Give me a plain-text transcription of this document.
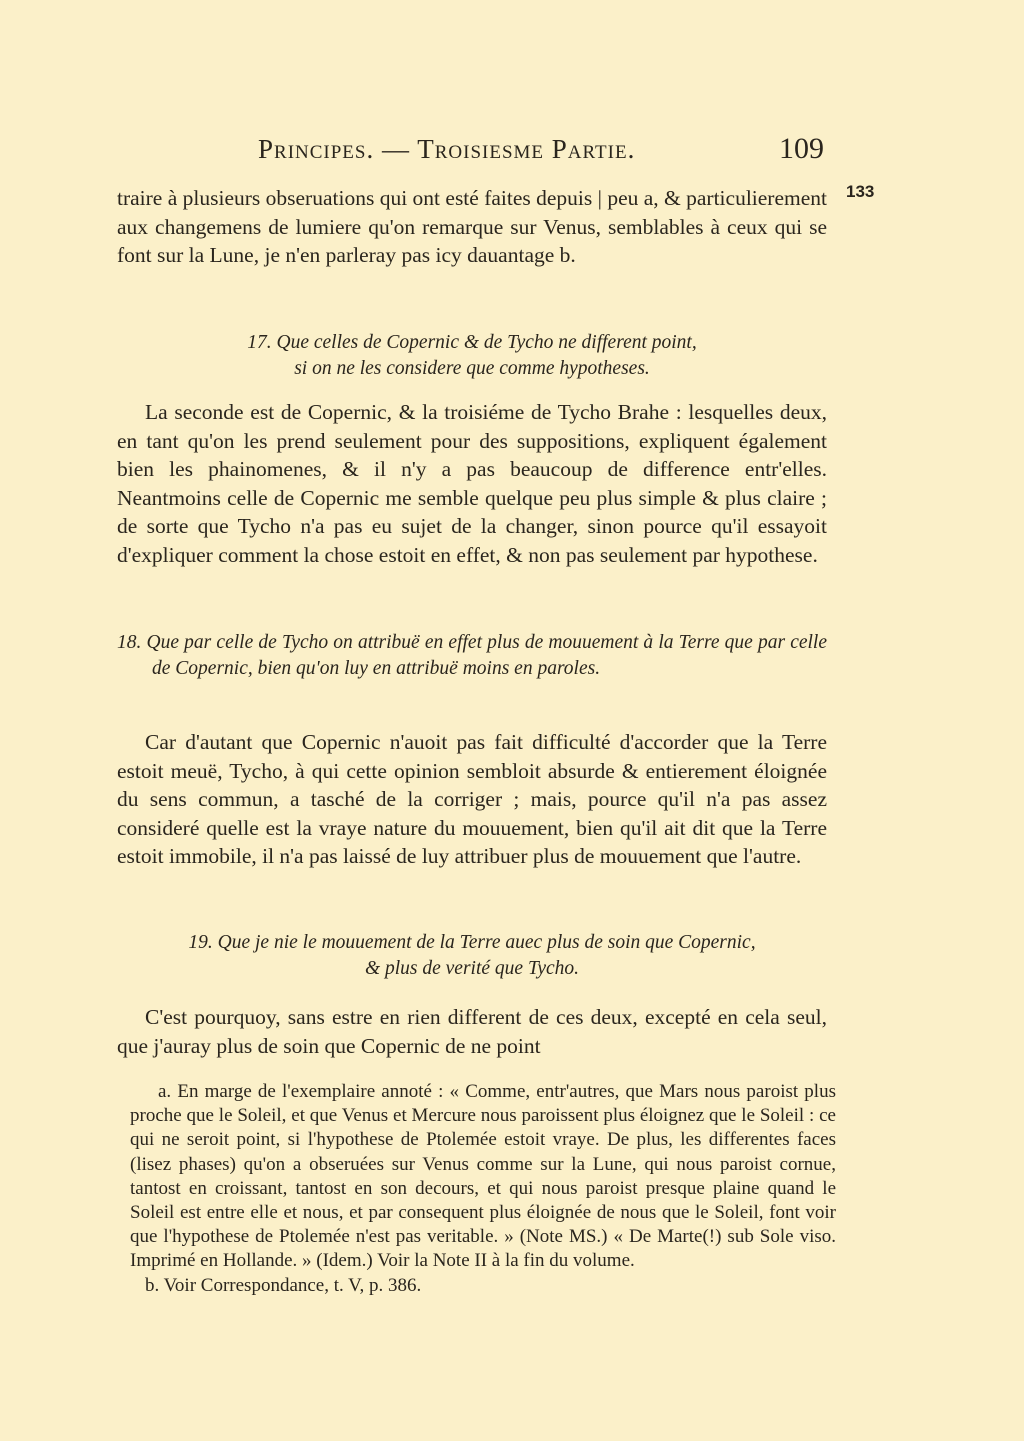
Principes. — Troisiesme Partie.	109
133

traire à plusieurs obseruations qui ont esté faites depuis | peu a, & particulierement aux changemens de lumiere qu'on remarque sur Venus, semblables à ceux qui se font sur la Lune, je n'en parleray pas icy dauantage b.

17. Que celles de Copernic & de Tycho ne different point,

si on ne les considere que comme hypotheses.

La seconde est de Copernic, & la troisiéme de Tycho Brahe : lesquelles deux, en tant qu'on les prend seulement pour des suppositions, expliquent également bien les phainomenes, & il n'y a pas beaucoup de difference entr'elles. Neantmoins celle de Copernic me semble quelque peu plus simple & plus claire ; de sorte que Tycho n'a pas eu sujet de la changer, sinon pource qu'il essayoit d'expliquer comment la chose estoit en effet, & non pas seulement par hypothese.

18. Que par celle de Tycho on attribuë en effet plus de mouuement à la Terre que par celle de Copernic, bien qu'on luy en attribuë moins en paroles.

Car d'autant que Copernic n'auoit pas fait difficulté d'accorder que la Terre estoit meuë, Tycho, à qui cette opinion sembloit absurde & entierement éloignée du sens commun, a tasché de la corriger ; mais, pource qu'il n'a pas assez consideré quelle est la vraye nature du mouuement, bien qu'il ait dit que la Terre estoit immobile, il n'a pas laissé de luy attribuer plus de mouuement que l'autre.

19. Que je nie le mouuement de la Terre auec plus de soin que Copernic,

& plus de verité que Tycho.

C'est pourquoy, sans estre en rien different de ces deux, excepté en cela seul, que j'auray plus de soin que Copernic de ne point

a. En marge de l'exemplaire annoté : « Comme, entr'autres, que Mars nous paroist plus proche que le Soleil, et que Venus et Mercure nous paroissent plus éloignez que le Soleil : ce qui ne seroit point, si l'hypothese de Ptolemée estoit vraye. De plus, les differentes faces (lisez phases) qu'on a obseruées sur Venus comme sur la Lune, qui nous paroist cornue, tantost en croissant, tantost en son decours, et qui nous paroist presque plaine quand le Soleil est entre elle et nous, et par consequent plus éloignée de nous que le Soleil, font voir que l'hypothese de Ptolemée n'est pas veritable. » (Note MS.) « De Marte(!) sub Sole viso. Imprimé en Hollande. » (Idem.) Voir la Note II à la fin du volume.

b. Voir Correspondance, t. V, p. 386.
